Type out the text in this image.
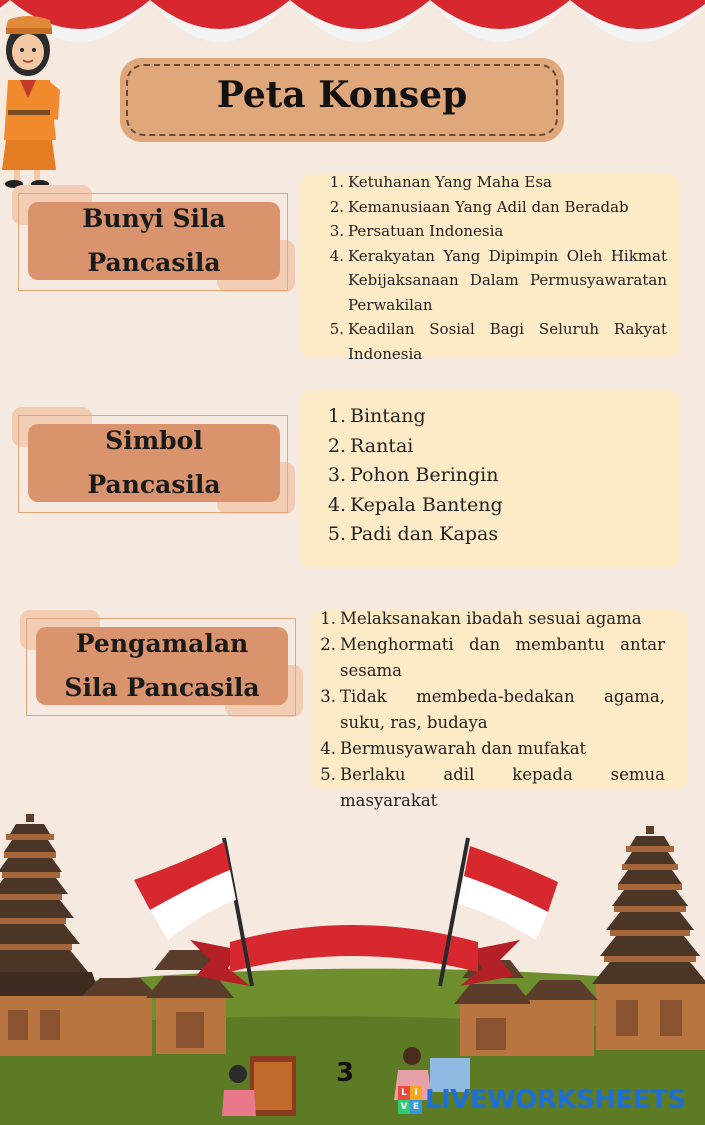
Peta Konsep
Bunyi Sila
Pancasila
1. Ketuhanan Yang Maha Esa
2. Kemanusiaan Yang Adil dan Beradab
3. Persatuan Indonesia
4. Kerakyatan Yang Dipimpin Oleh Hikmat Kebijaksanaan Dalam Permusyawaratan Perwakilan
5. Keadilan Sosial Bagi Seluruh Rakyat Indonesia
Simbol
Pancasila
1. Bintang
2. Rantai
3. Pohon Beringin
4. Kepala Banteng
5. Padi dan Kapas
Pengamalan
Sila Pancasila
1. Melaksanakan ibadah sesuai agama
2. Menghormati dan membantu antar sesama
3. Tidak membeda-bedakan agama, suku, ras, budaya
4. Bermusyawarah dan mufakat
5. Berlaku adil kepada semua masyarakat
3
L I
V E LIVEWORKSHEETS
